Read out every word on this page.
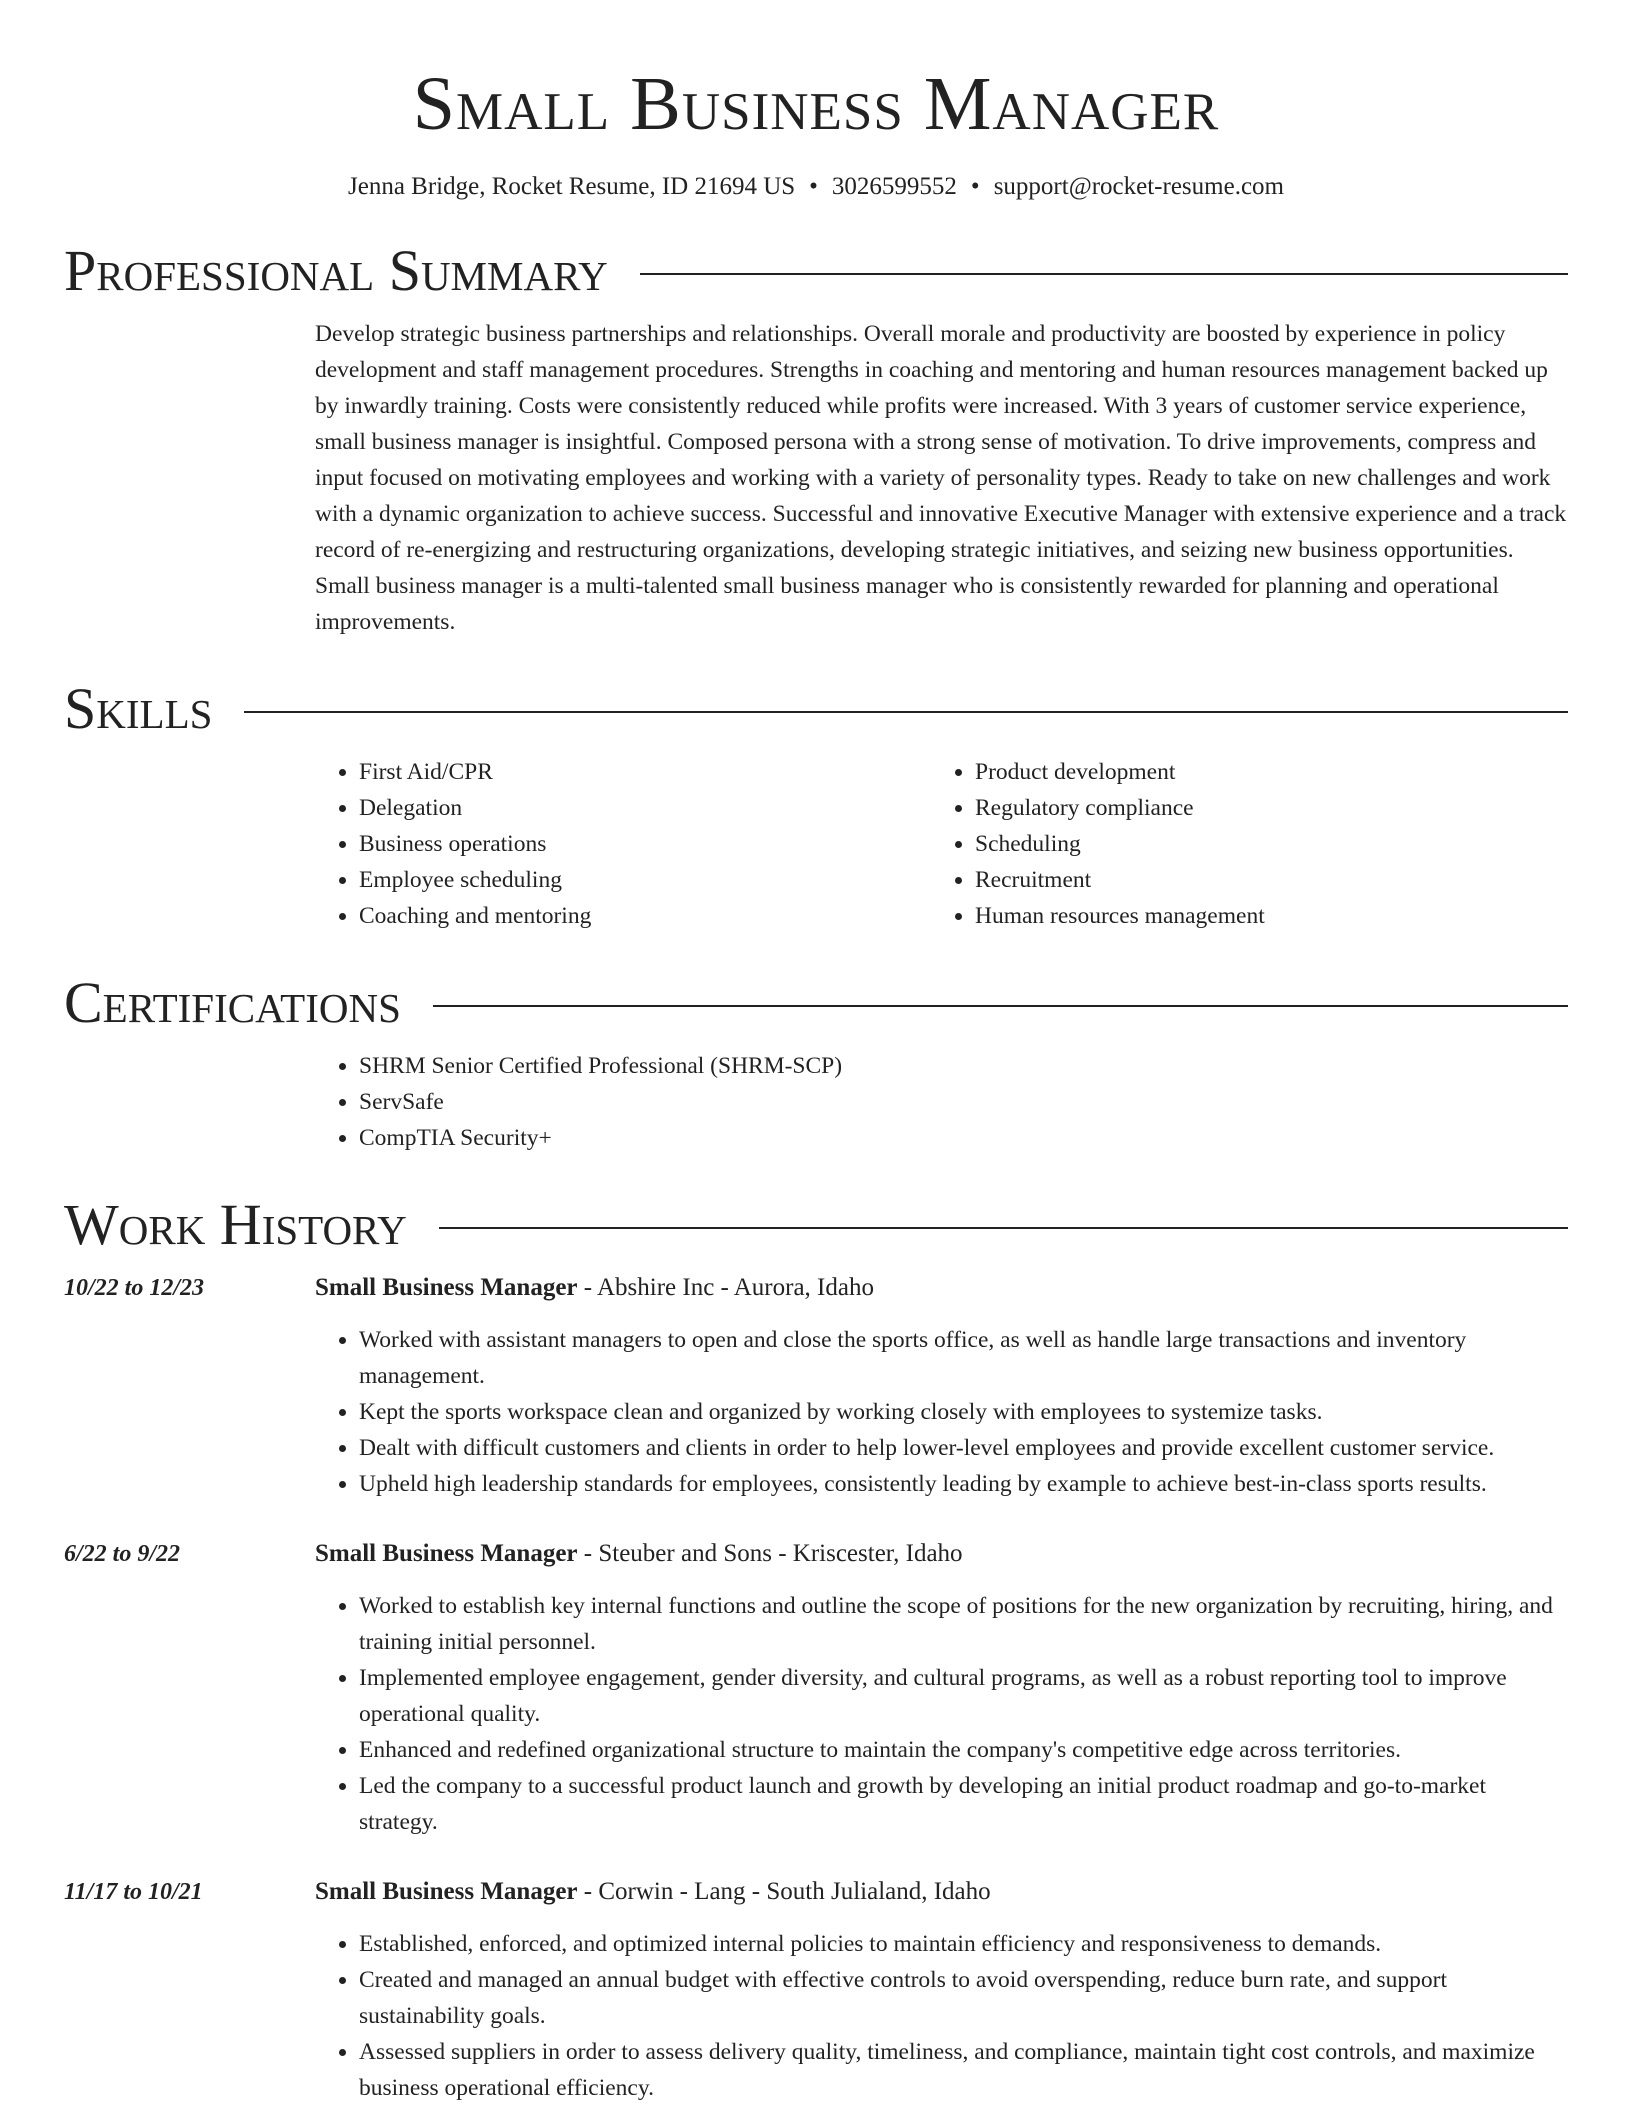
Small Business Manager
Jenna Bridge, Rocket Resume, ID 21694 US • 3026599552 • support@rocket-resume.com
Professional Summary
Develop strategic business partnerships and relationships. Overall morale and productivity are boosted by experience in policy development and staff management procedures. Strengths in coaching and mentoring and human resources management backed up by inwardly training. Costs were consistently reduced while profits were increased. With 3 years of customer service experience, small business manager is insightful. Composed persona with a strong sense of motivation. To drive improvements, compress and input focused on motivating employees and working with a variety of personality types. Ready to take on new challenges and work with a dynamic organization to achieve success. Successful and innovative Executive Manager with extensive experience and a track record of re-energizing and restructuring organizations, developing strategic initiatives, and seizing new business opportunities. Small business manager is a multi-talented small business manager who is consistently rewarded for planning and operational improvements.
Skills
• First Aid/CPR
• Delegation
• Business operations
• Employee scheduling
• Coaching and mentoring
• Product development
• Regulatory compliance
• Scheduling
• Recruitment
• Human resources management
Certifications
• SHRM Senior Certified Professional (SHRM-SCP)
• ServSafe
• CompTIA Security+
Work History
10/22 to 12/23	Small Business Manager - Abshire Inc - Aurora, Idaho
• Worked with assistant managers to open and close the sports office, as well as handle large transactions and inventory management.
• Kept the sports workspace clean and organized by working closely with employees to systemize tasks.
• Dealt with difficult customers and clients in order to help lower-level employees and provide excellent customer service.
• Upheld high leadership standards for employees, consistently leading by example to achieve best-in-class sports results.
6/22 to 9/22	Small Business Manager - Steuber and Sons - Kriscester, Idaho
• Worked to establish key internal functions and outline the scope of positions for the new organization by recruiting, hiring, and training initial personnel.
• Implemented employee engagement, gender diversity, and cultural programs, as well as a robust reporting tool to improve operational quality.
• Enhanced and redefined organizational structure to maintain the company's competitive edge across territories.
• Led the company to a successful product launch and growth by developing an initial product roadmap and go-to-market strategy.
11/17 to 10/21	Small Business Manager - Corwin - Lang - South Julialand, Idaho
• Established, enforced, and optimized internal policies to maintain efficiency and responsiveness to demands.
• Created and managed an annual budget with effective controls to avoid overspending, reduce burn rate, and support sustainability goals.
• Assessed suppliers in order to assess delivery quality, timeliness, and compliance, maintain tight cost controls, and maximize business operational efficiency.
